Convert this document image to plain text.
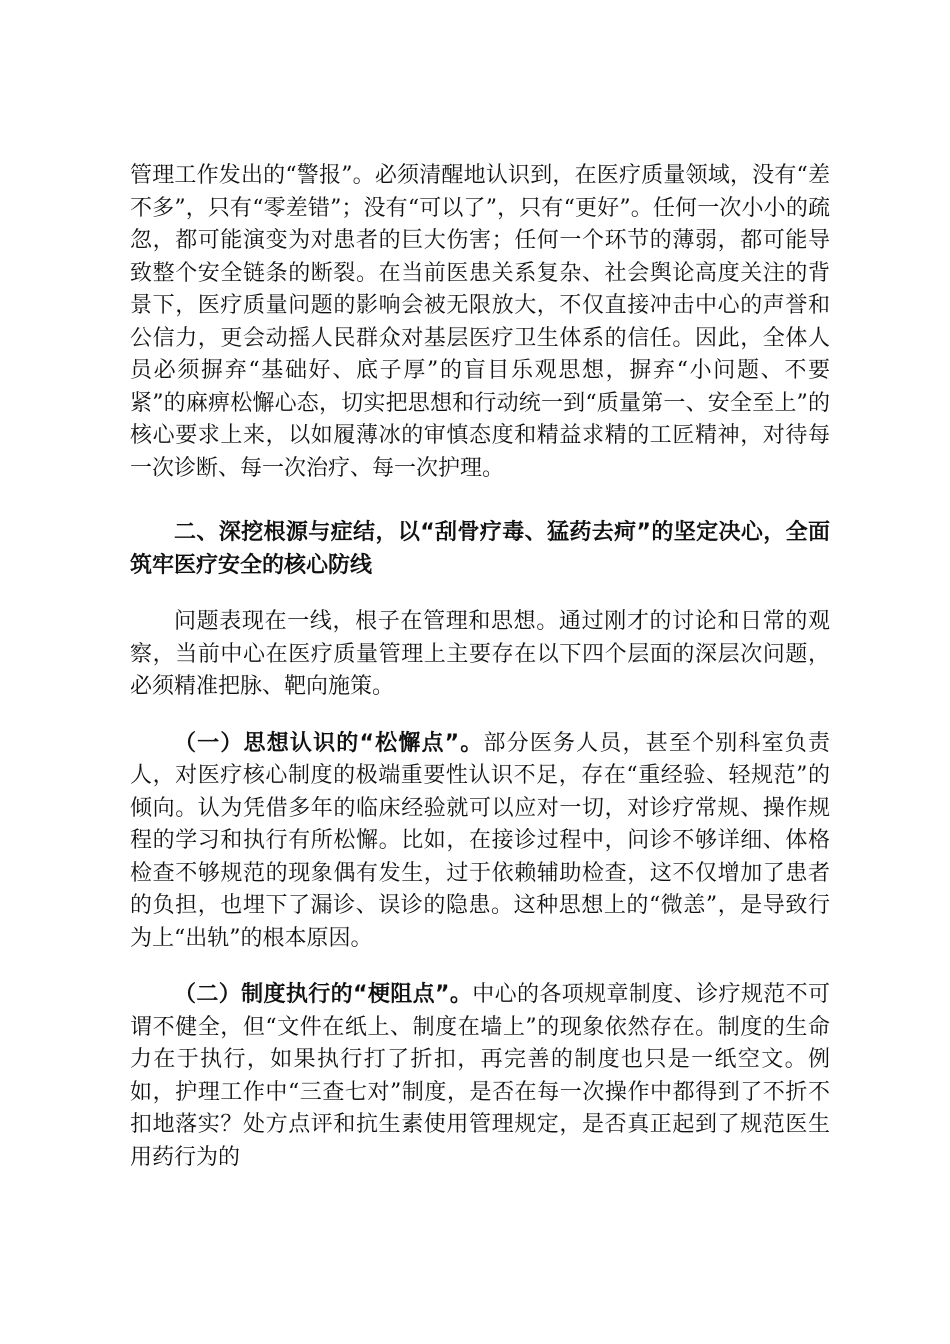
管理工作发出的“警报”。必须清醒地认识到，在医疗质量领域，没有“差不多”，只有“零差错”；没有“可以了”，只有“更好”。任何一次小小的疏忽，都可能演变为对患者的巨大伤害；任何一个环节的薄弱，都可能导致整个安全链条的断裂。在当前医患关系复杂、社会舆论高度关注的背景下，医疗质量问题的影响会被无限放大，不仅直接冲击中心的声誉和公信力，更会动摇人民群众对基层医疗卫生体系的信任。因此，全体人员必须摒弃“基础好、底子厚”的盲目乐观思想，摒弃“小问题、不要紧”的麻痹松懈心态，切实把思想和行动统一到“质量第一、安全至上”的核心要求上来，以如履薄冰的审慎态度和精益求精的工匠精神，对待每一次诊断、每一次治疗、每一次护理。

二、深挖根源与症结，以“刮骨疗毒、猛药去疴”的坚定决心，全面筑牢医疗安全的核心防线

问题表现在一线，根子在管理和思想。通过刚才的讨论和日常的观察，当前中心在医疗质量管理上主要存在以下四个层面的深层次问题，必须精准把脉、靶向施策。

（一）思想认识的“松懈点”。部分医务人员，甚至个别科室负责人，对医疗核心制度的极端重要性认识不足，存在“重经验、轻规范”的倾向。认为凭借多年的临床经验就可以应对一切，对诊疗常规、操作规程的学习和执行有所松懈。比如，在接诊过程中，问诊不够详细、体格检查不够规范的现象偶有发生，过于依赖辅助检查，这不仅增加了患者的负担，也埋下了漏诊、误诊的隐患。这种思想上的“微恙”，是导致行为上“出轨”的根本原因。

（二）制度执行的“梗阻点”。中心的各项规章制度、诊疗规范不可谓不健全，但“文件在纸上、制度在墙上”的现象依然存在。制度的生命力在于执行，如果执行打了折扣，再完善的制度也只是一纸空文。例如，护理工作中“三查七对”制度，是否在每一次操作中都得到了不折不扣地落实？处方点评和抗生素使用管理规定，是否真正起到了规范医生用药行为的
